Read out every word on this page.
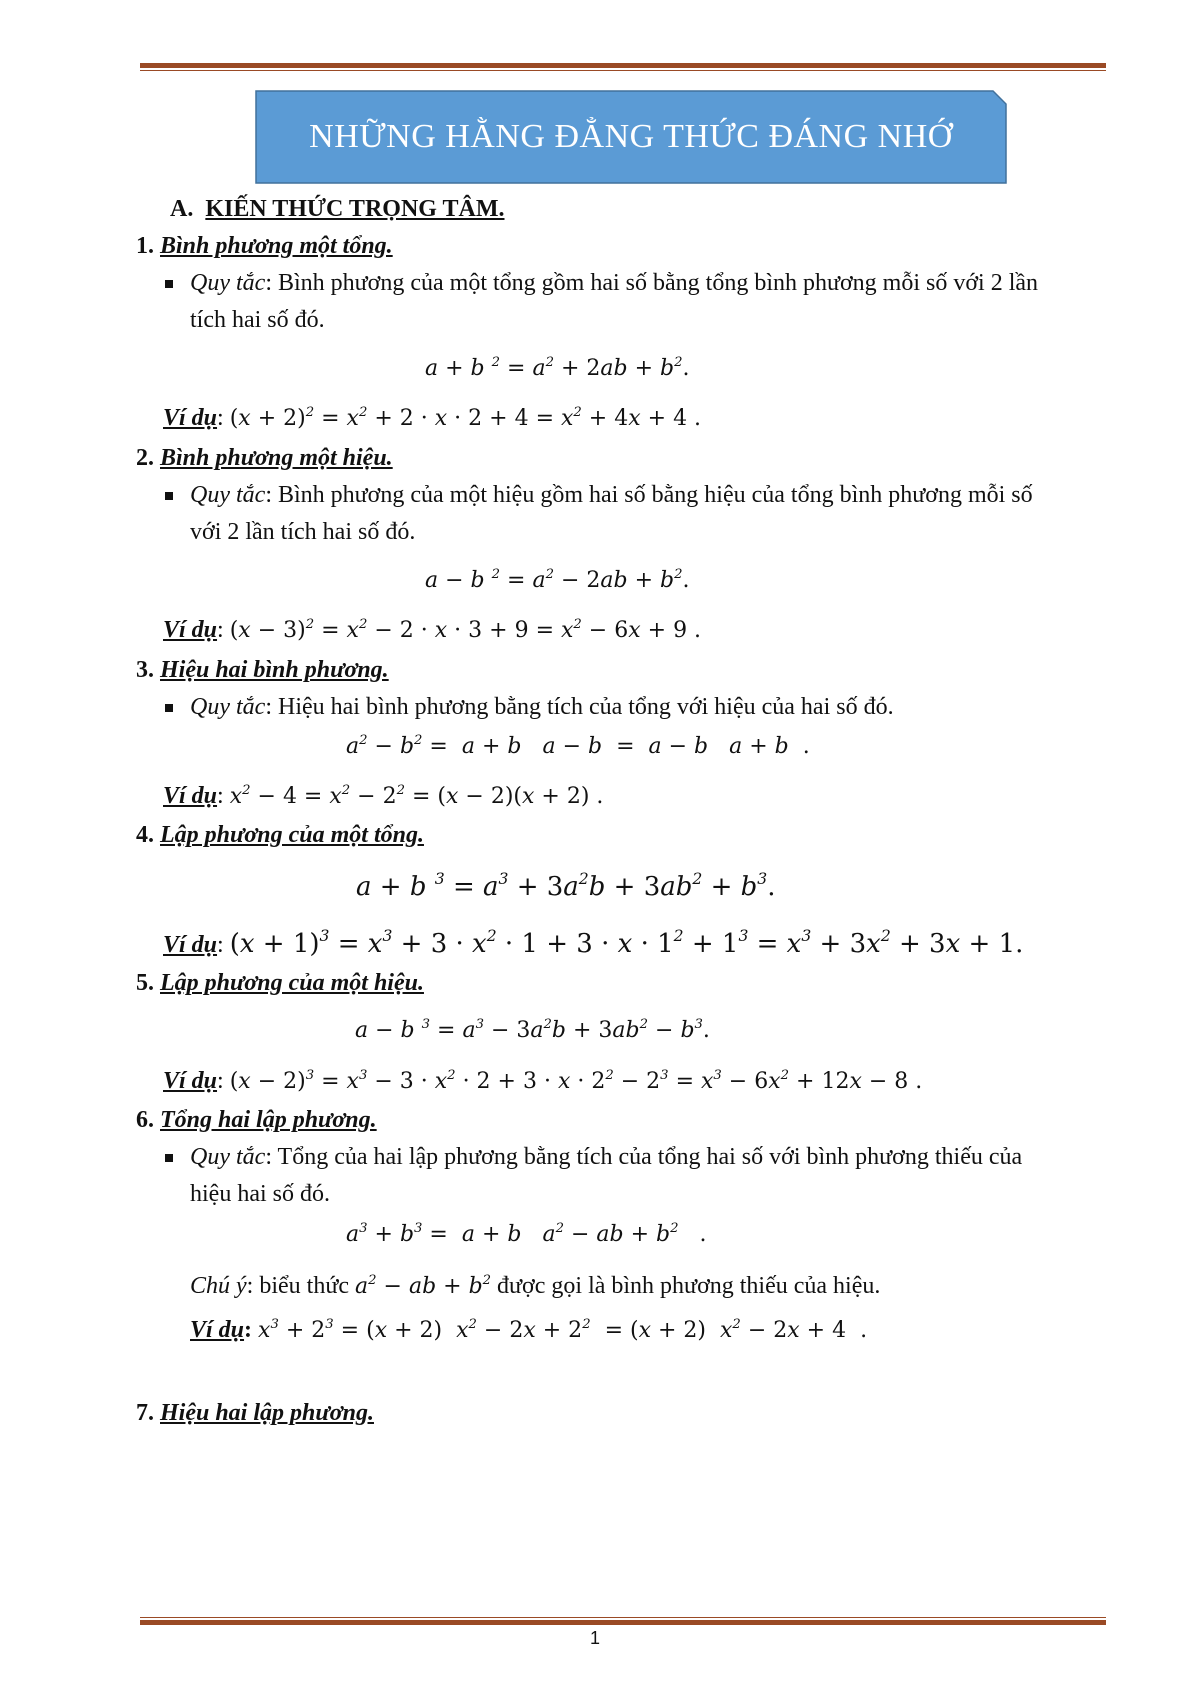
NHỮNG HẰNG ĐẲNG THỨC ĐÁNG NHỚ
A. KIẾN THỨC TRỌNG TÂM.
1. Bình phương một tổng.
Quy tắc: Bình phương của một tổng gồm hai số bằng tổng bình phương mỗi số với 2 lần
tích hai số đó.
a + b $^2 = a^2 + 2ab + b^2$.
Ví dụ: $(x + 2)^2 = x^2 + 2 \cdot x \cdot 2 + 4 = x^2 + 4x + 4$ .
2. Bình phương một hiệu.
Quy tắc: Bình phương của một hiệu gồm hai số bằng hiệu của tổng bình phương mỗi số
với 2 lần tích hai số đó.
a − b $^2 = a^2 - 2ab + b^2$.
Ví dụ: $(x - 3)^2 = x^2 - 2 \cdot x \cdot 3 + 9 = x^2 - 6x + 9$ .
3. Hiệu hai bình phương.
Quy tắc: Hiệu hai bình phương bằng tích của tổng với hiệu của hai số đó.
$a^2 - b^2 = a + b$   a − b  =  a − b   a + b  .
Ví dụ: $x^2 - 4 = x^2 - 2^2 = (x - 2)(x + 2)$ .
4. Lập phương của một tổng.
a + b $^3 = a^3 + 3a^2b + 3ab^2 + b^3$.
Ví dụ: $(x + 1)^3 = x^3 + 3 \cdot x^2 \cdot 1 + 3 \cdot x \cdot 1^2 + 1^3 = x^3 + 3x^2 + 3x + 1$.
5. Lập phương của một hiệu.
a − b $^3 = a^3 - 3a^2b + 3ab^2 - b^3$.
Ví dụ: $(x - 2)^3 = x^3 - 3 \cdot x^2 \cdot 2 + 3 \cdot x \cdot 2^2 - 2^3 = x^3 - 6x^2 + 12x - 8$ .
6. Tổng hai lập phương.
Quy tắc: Tổng của hai lập phương bằng tích của tổng hai số với bình phương thiếu của
hiệu hai số đó.
$a^3 + b^3 = a + b$   $a^2$ − ab + $b^2$   .
Chú ý: biểu thức $a^2$ − ab + $b^2$ được gọi là bình phương thiếu của hiệu.
Ví dụ: $x^3 + 2^3 = (x + 2) x^2 - 2x + 2^2 = (x + 2) x^2 - 2x + 4$  .
7. Hiệu hai lập phương.
1
